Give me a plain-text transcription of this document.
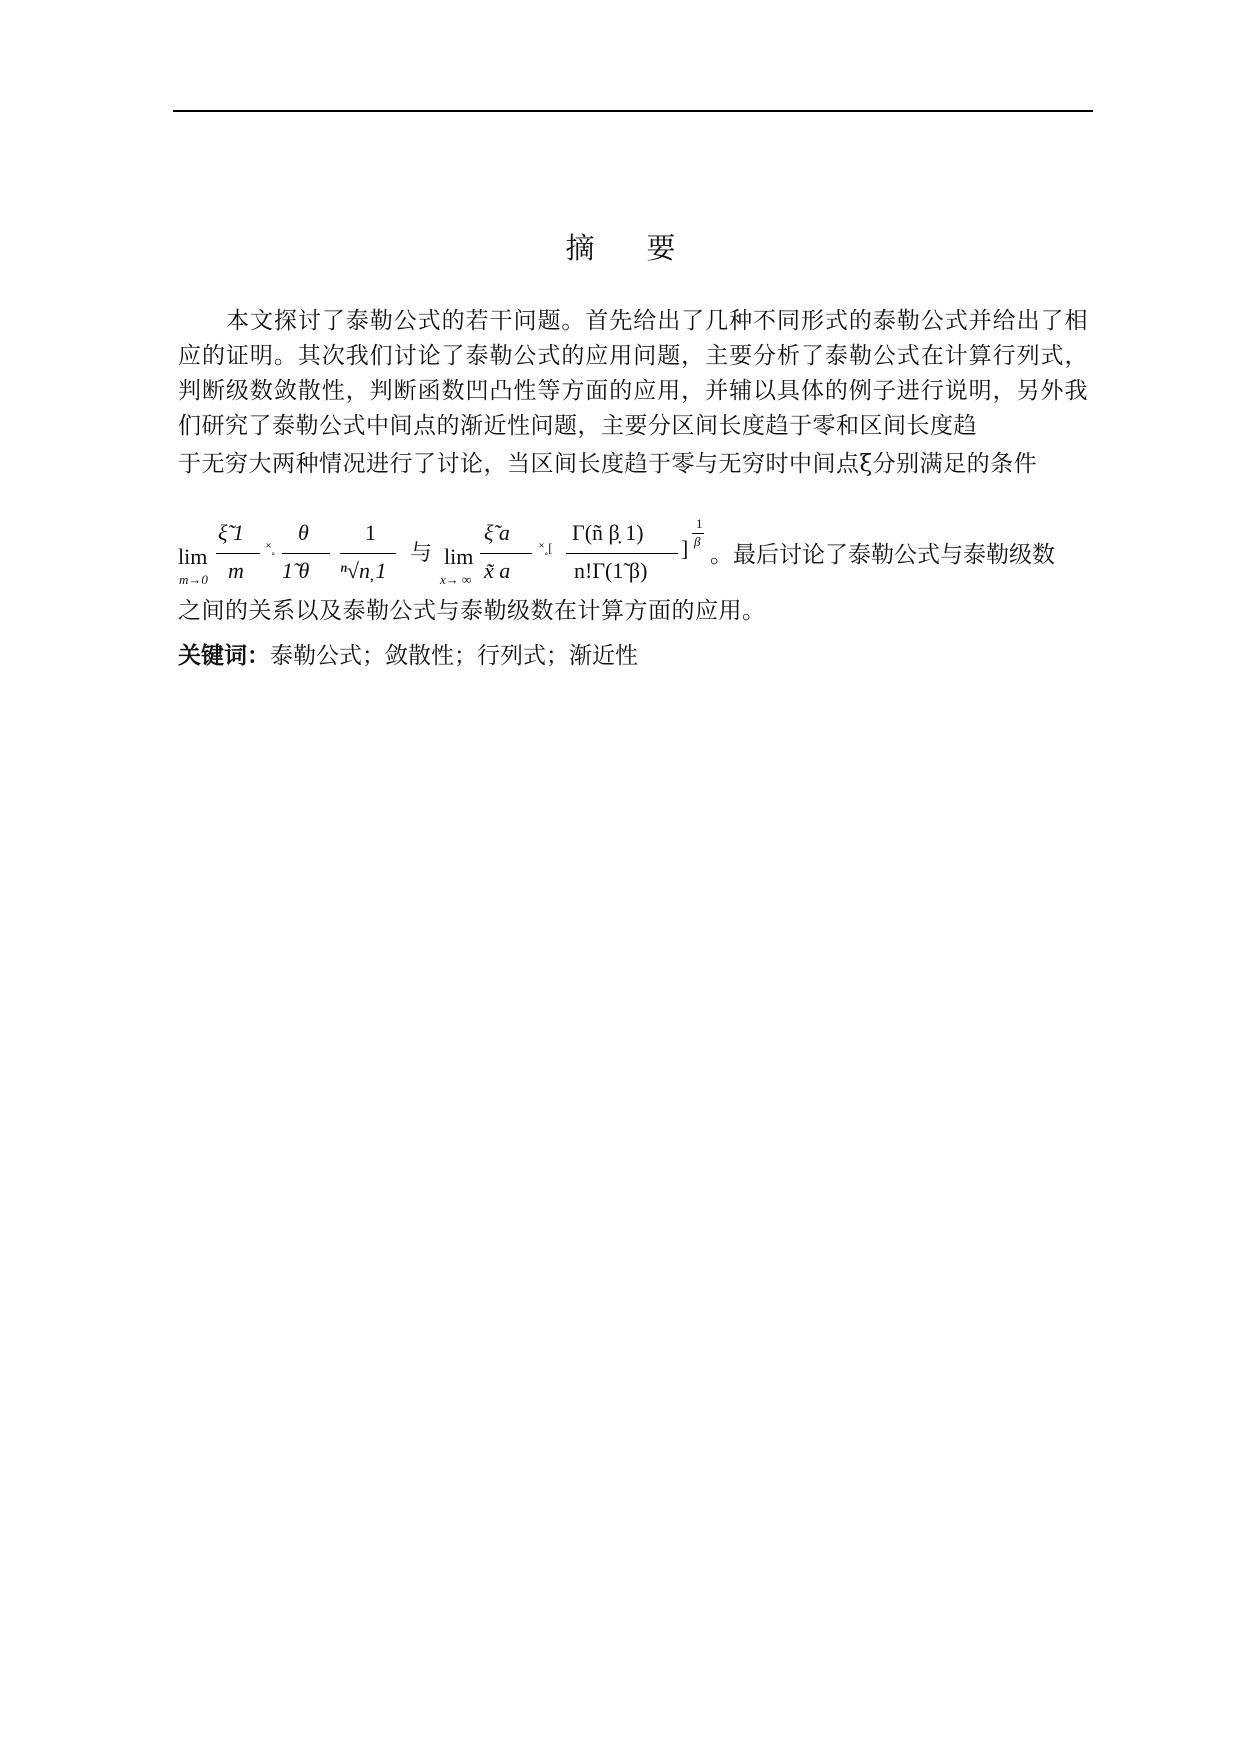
摘 要
本文探讨了泰勒公式的若干问题。首先给出了几种不同形式的泰勒公式并给出了相应的证明。其次我们讨论了泰勒公式的应用问题，主要分析了泰勒公式在计算行列式，判断级数敛散性，判断函数凹凸性等方面的应用，并辅以具体的例子进行说明，另外我们研究了泰勒公式中间点的渐近性问题，主要分区间长度趋于零和区间长度趋
于无穷大两种情况进行了讨论，当区间长度趋于零与无穷时中间点ξ分别满足的条件
lim
m→0
ξ̃ 1
m
˟˳
θ
1̃ θ
1
ⁿ√n̦ 1
与 lim
x→ ∞
ξ̃ a
x̃ a
˟˳[
Γ(ñ β̣ 1)
n!Γ(1̃ β)
]
1
β
。最后讨论了泰勒公式与泰勒级数
之间的关系以及泰勒公式与泰勒级数在计算方面的应用。
关键词：泰勒公式；敛散性；行列式；渐近性
